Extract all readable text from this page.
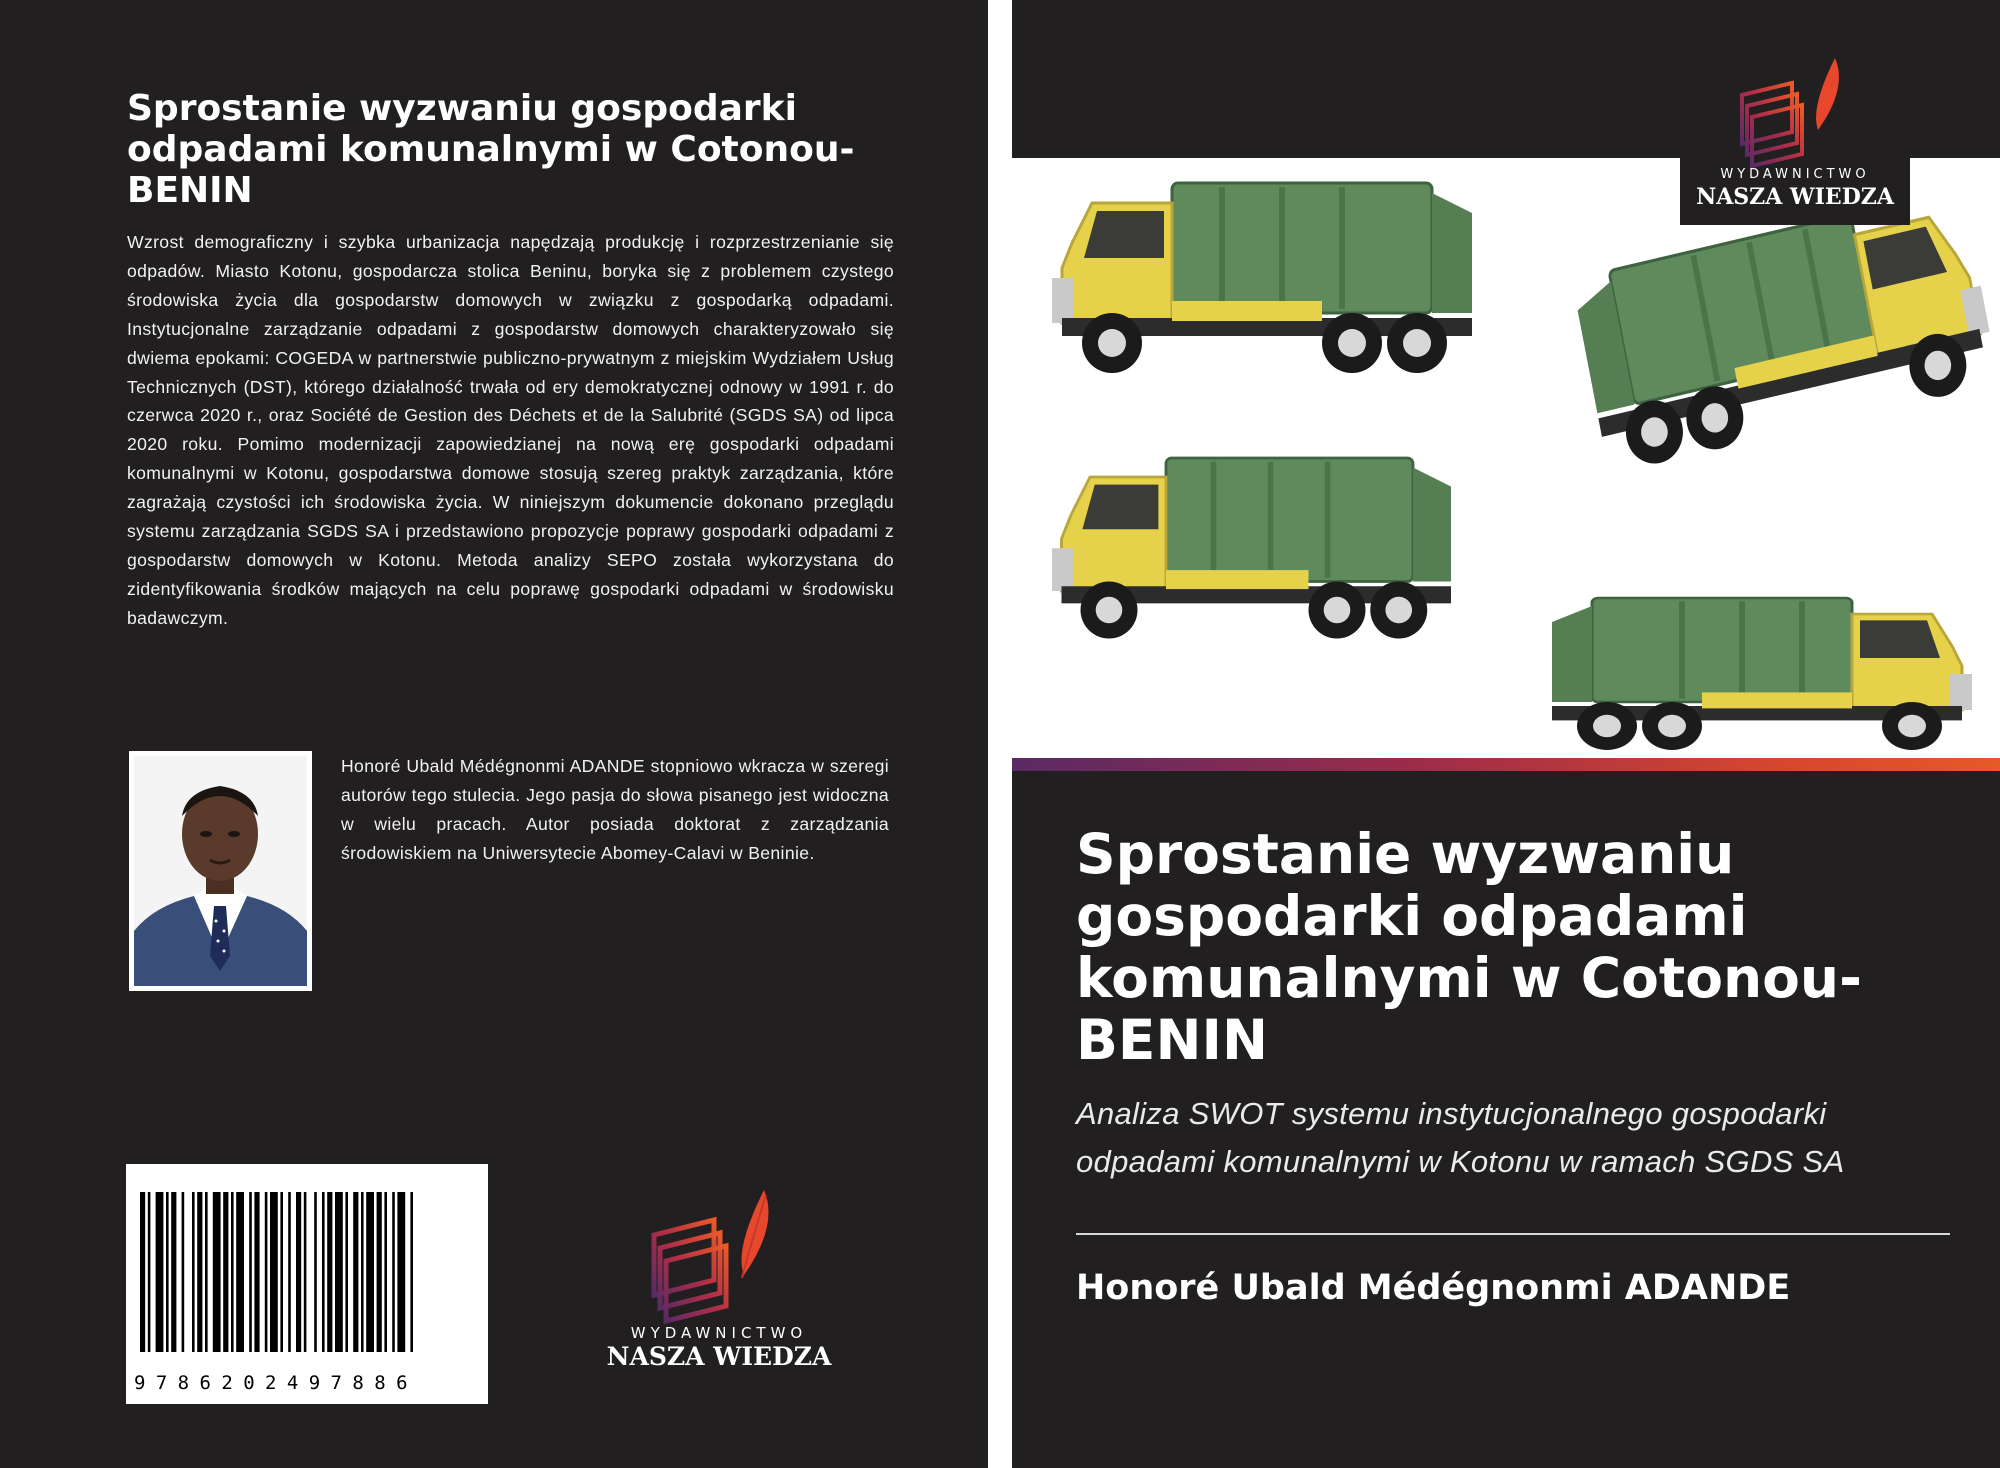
Sprostanie wyzwaniu gospodarki odpadami komunalnymi w Cotonou-BENIN

Wzrost demograficzny i szybka urbanizacja napędzają produkcję i rozprzestrzenianie się odpadów. Miasto Kotonu, gospodarcza stolica Beninu, boryka się z problemem czystego środowiska życia dla gospodarstw domowych w związku z gospodarką odpadami. Instytucjonalne zarządzanie odpadami z gospodarstw domowych charakteryzowało się dwiema epokami: COGEDA w partnerstwie publiczno-prywatnym z miejskim Wydziałem Usług Technicznych (DST), którego działalność trwała od ery demokratycznej odnowy w 1991 r. do czerwca 2020 r., oraz Société de Gestion des Déchets et de la Salubrité (SGDS SA) od lipca 2020 roku. Pomimo modernizacji zapowiedzianej na nową erę gospodarki odpadami komunalnymi w Kotonu, gospodarstwa domowe stosują szereg praktyk zarządzania, które zagrażają czystości ich środowiska życia. W niniejszym dokumencie dokonano przeglądu systemu zarządzania SGDS SA i przedstawiono propozycje poprawy gospodarki odpadami z gospodarstw domowych w Kotonu. Metoda analizy SEPO została wykorzystana do zidentyfikowania środków mających na celu poprawę gospodarki odpadami w środowisku badawczym.

Honoré Ubald Médégnonmi ADANDE stopniowo wkracza w szeregi autorów tego stulecia. Jego pasja do słowa pisanego jest widoczna w wielu pracach. Autor posiada doktorat z zarządzania środowiskiem na Uniwersytecie Abomey-Calavi w Beninie.

9786202497886
WYDAWNICTWO
NASZA WIEDZA
WYDAWNICTWO
NASZA WIEDZA
Sprostanie wyzwaniu gospodarki odpadami komunalnymi w Cotonou-BENIN

Analiza SWOT systemu instytucjonalnego gospodarki odpadami komunalnymi w Kotonu w ramach SGDS SA

Honoré Ubald Médégnonmi ADANDE
